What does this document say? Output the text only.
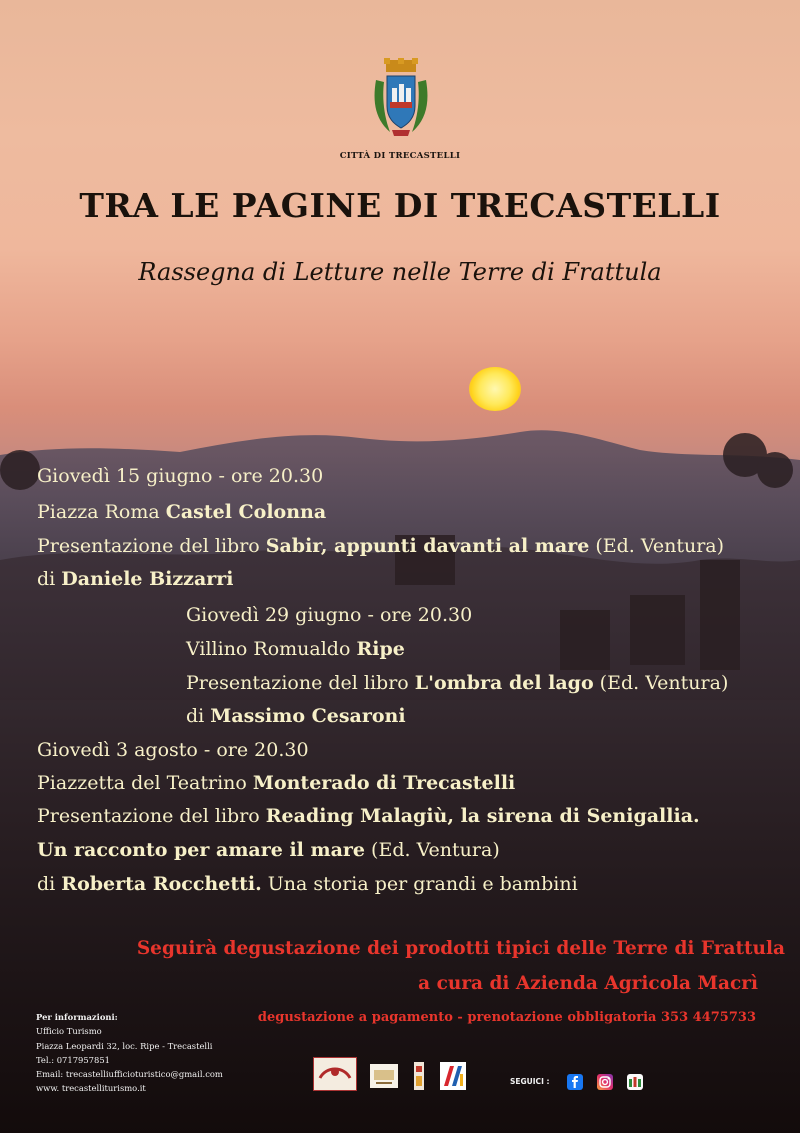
CITTÀ DI TRECASTELLI
TRA LE PAGINE DI TRECASTELLI
Rassegna di Letture nelle Terre di Frattula
Giovedì 15 giugno - ore 20.30
Piazza Roma Castel Colonna
Presentazione del libro Sabir, appunti davanti al mare (Ed. Ventura)
di Daniele Bizzarri
Giovedì 29 giugno - ore 20.30
Villino Romualdo Ripe
Presentazione del libro L'ombra del lago (Ed. Ventura)
di Massimo Cesaroni
Giovedì 3 agosto - ore 20.30
Piazzetta del Teatrino Monterado di Trecastelli
Presentazione del libro Reading Malagiù, la sirena di Senigallia.
Un racconto per amare il mare (Ed. Ventura)
di Roberta Rocchetti. Una storia per grandi e bambini
Seguirà degustazione dei prodotti tipici delle Terre di Frattula
a cura di Azienda Agricola Macrì
degustazione a pagamento - prenotazione obbligatoria 353 4475733
Per informazioni:
Ufficio Turismo
Piazza Leopardi 32, loc. Ripe - Trecastelli
Tel.: 0717957851
Email: trecastelliufficioturistico@gmail.com
www. trecastelliturismo.it
SEGUICI :
